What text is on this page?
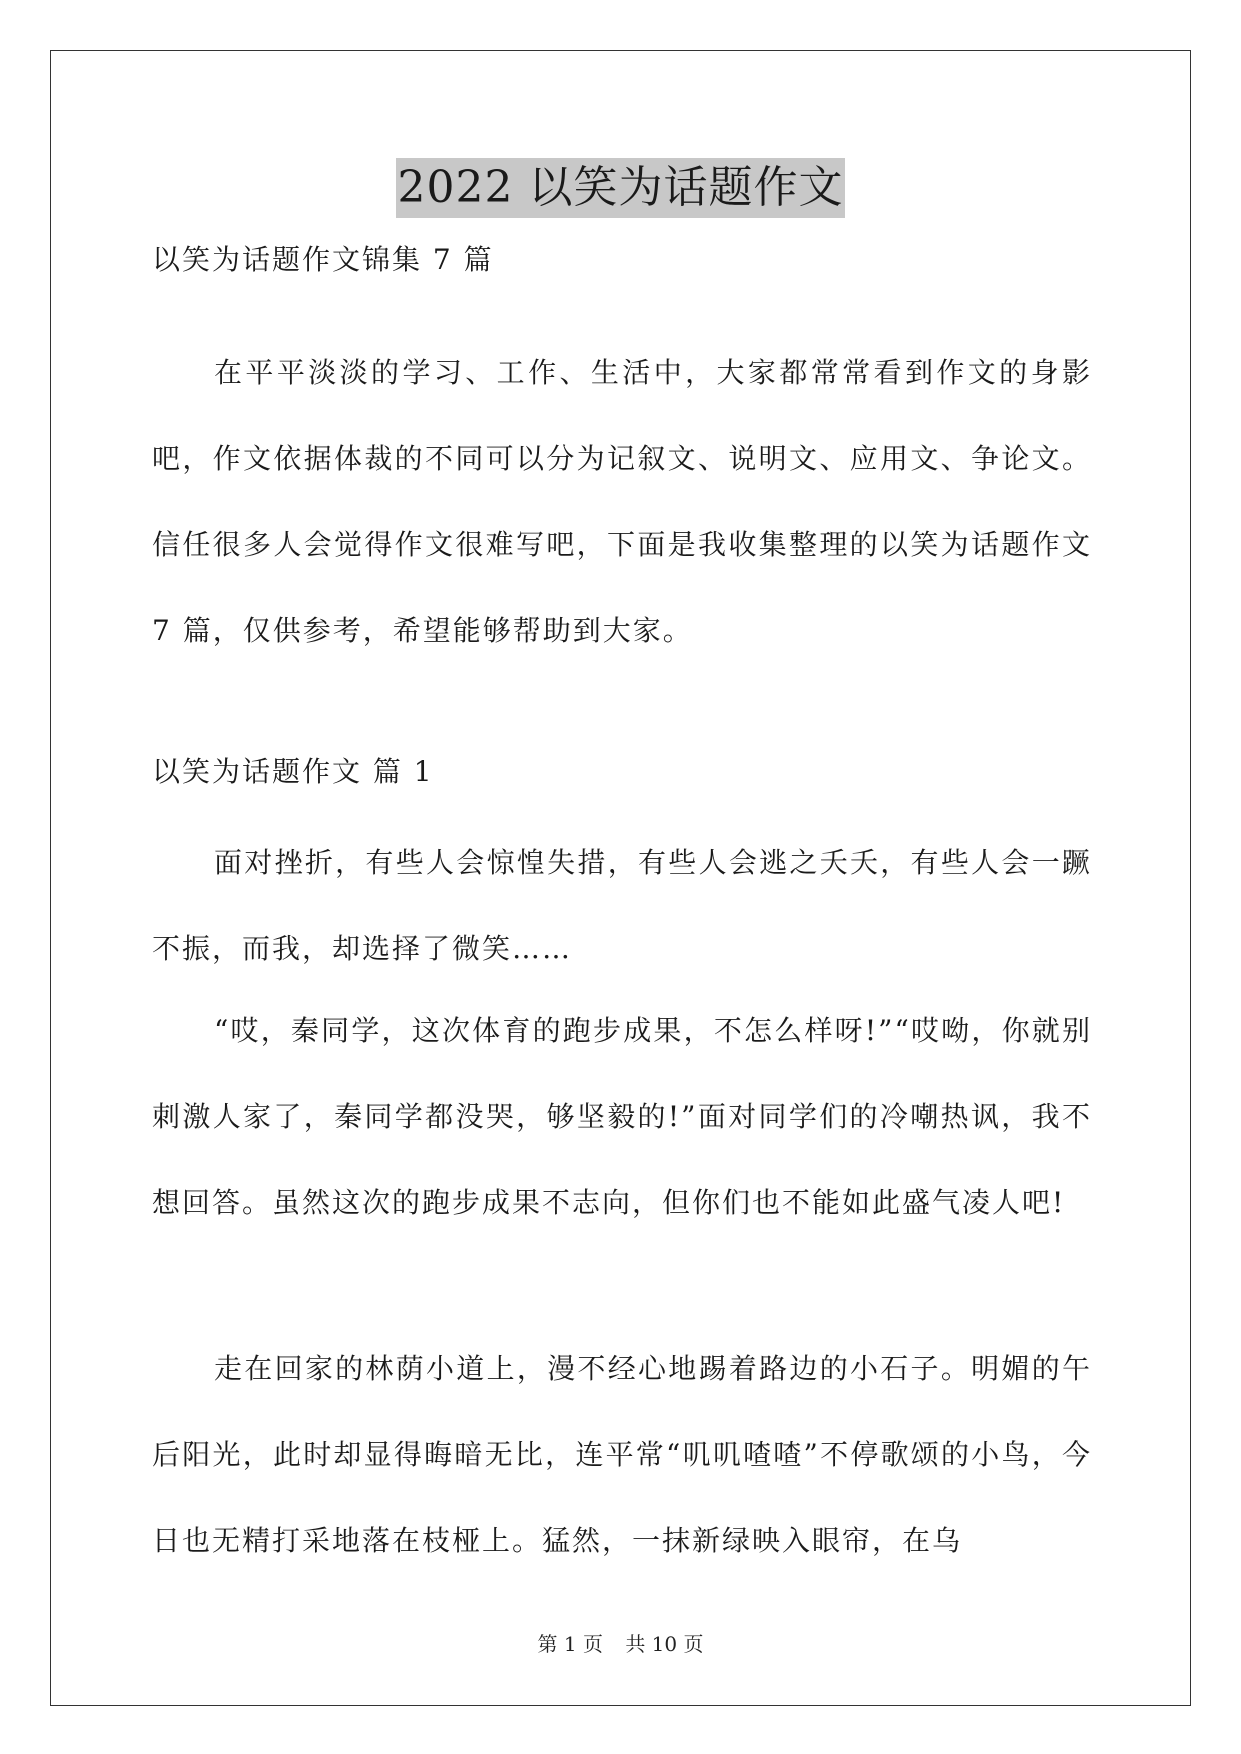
2022 以笑为话题作文

以笑为话题作文锦集 7 篇

在平平淡淡的学习、工作、生活中，大家都常常看到作文的身影吧，作文依据体裁的不同可以分为记叙文、说明文、应用文、争论文。信任很多人会觉得作文很难写吧，下面是我收集整理的以笑为话题作文 7 篇，仅供参考，希望能够帮助到大家。

以笑为话题作文 篇 1

面对挫折，有些人会惊惶失措，有些人会逃之夭夭，有些人会一蹶不振，而我，却选择了微笑……

“哎，秦同学，这次体育的跑步成果，不怎么样呀!”“哎呦，你就别刺激人家了，秦同学都没哭，够坚毅的!”面对同学们的冷嘲热讽，我不想回答。虽然这次的跑步成果不志向，但你们也不能如此盛气凌人吧!

走在回家的林荫小道上，漫不经心地踢着路边的小石子。明媚的午后阳光，此时却显得晦暗无比，连平常“叽叽喳喳”不停歌颂的小鸟，今日也无精打采地落在枝桠上。猛然，一抹新绿映入眼帘，在乌

第 1 页 共 10 页
